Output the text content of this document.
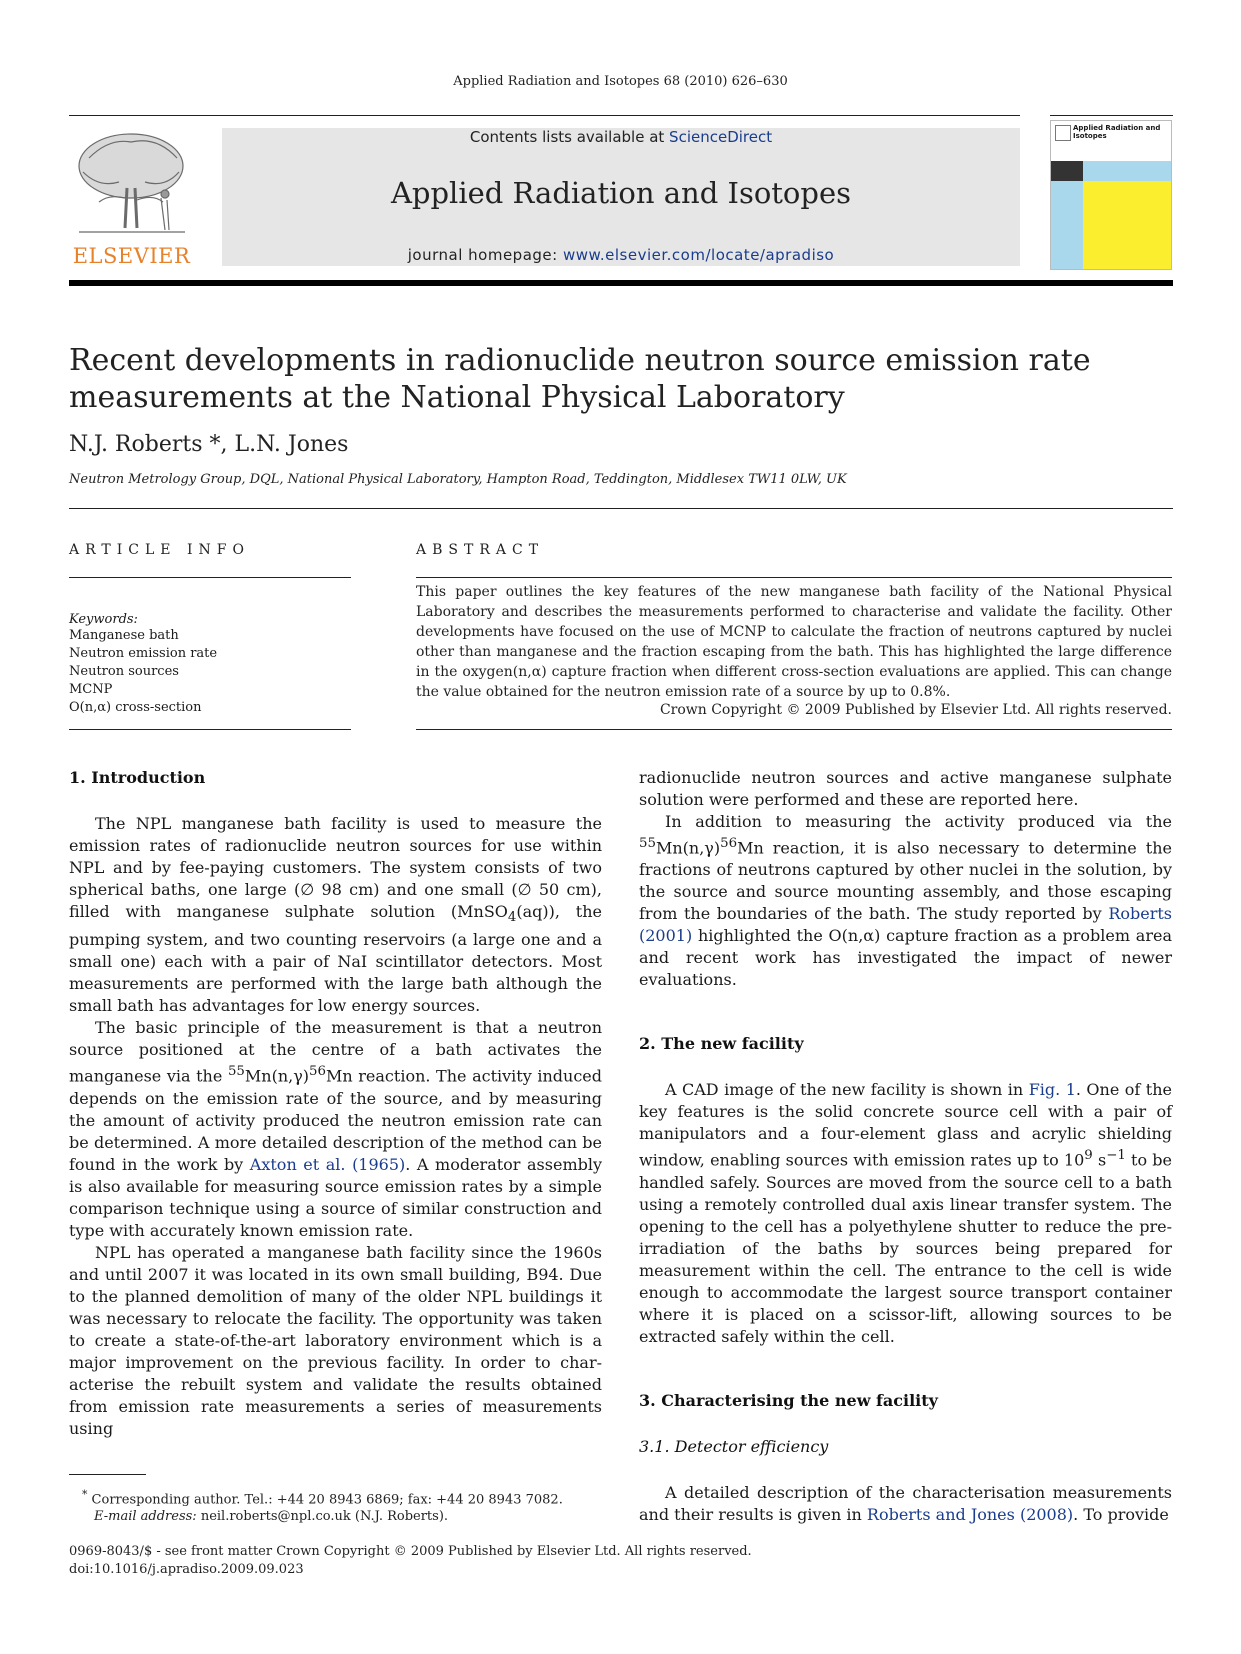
Applied Radiation and Isotopes 68 (2010) 626–630
ELSEVIER
Contents lists available at ScienceDirect
Applied Radiation and Isotopes
journal homepage: www.elsevier.com/locate/apradiso
Applied Radiation and Isotopes
Recent developments in radionuclide neutron source emission rate
measurements at the National Physical Laboratory
N.J. Roberts *, L.N. Jones
Neutron Metrology Group, DQL, National Physical Laboratory, Hampton Road, Teddington, Middlesex TW11 0LW, UK
ARTICLE INFO
Keywords:
Manganese bath
Neutron emission rate
Neutron sources
MCNP
O(n,α) cross-section
ABSTRACT
This paper outlines the key features of the new manganese bath facility of the National Physical Laboratory and describes the measurements performed to characterise and validate the facility. Other developments have focused on the use of MCNP to calculate the fraction of neutrons captured by nuclei other than manganese and the fraction escaping from the bath. This has highlighted the large difference in the oxygen(n,α) capture fraction when different cross-section evaluations are applied. This can change the value obtained for the neutron emission rate of a source by up to 0.8%.
Crown Copyright © 2009 Published by Elsevier Ltd. All rights reserved.
1. Introduction

The NPL manganese bath facility is used to measure the emission rates of radionuclide neutron sources for use within NPL and by fee-paying customers. The system consists of two spherical baths, one large (∅ 98 cm) and one small (∅ 50 cm), filled with manganese sulphate solution (MnSO$_4$(aq)), the pumping system, and two counting reservoirs (a large one and a small one) each with a pair of NaI scintillator detectors. Most measurements are performed with the large bath although the small bath has advantages for low energy sources.

The basic principle of the measurement is that a neutron source positioned at the centre of a bath activates the manganese via the $^{55}Mn(n,\gamma)^{56}Mn$ reaction. The activity induced depends on the emission rate of the source, and by measuring the amount of activity produced the neutron emission rate can be determined. A more detailed description of the method can be found in the work by Axton et al. (1965). A moderator assembly is also available for measuring source emission rates by a simple comparison technique using a source of similar construction and type with accurately known emission rate.

NPL has operated a manganese bath facility since the 1960s and until 2007 it was located in its own small building, B94. Due to the planned demolition of many of the older NPL buildings it was necessary to relocate the facility. The opportunity was taken to create a state-of-the-art laboratory environment which is a major improvement on the previous facility. In order to char- acterise the rebuilt system and validate the results obtained from emission rate measurements a series of measurements using

radionuclide neutron sources and active manganese sulphate solution were performed and these are reported here.

In addition to measuring the activity produced via the $^{55}Mn(n,\gamma)^{56}Mn$ reaction, it is also necessary to determine the fractions of neutrons captured by other nuclei in the solution, by the source and source mounting assembly, and those escaping from the boundaries of the bath. The study reported by Roberts (2001) highlighted the O(n,α) capture fraction as a problem area and recent work has investigated the impact of newer evaluations.

2. The new facility

A CAD image of the new facility is shown in Fig. 1. One of the key features is the solid concrete source cell with a pair of manipulators and a four-element glass and acrylic shielding window, enabling sources with emission rates up to $10^9$ $s^{-1}$ to be handled safely. Sources are moved from the source cell to a bath using a remotely controlled dual axis linear transfer system. The opening to the cell has a polyethylene shutter to reduce the pre-irradiation of the baths by sources being prepared for measurement within the cell. The entrance to the cell is wide enough to accommodate the largest source transport container where it is placed on a scissor-lift, allowing sources to be extracted safely within the cell.

3. Characterising the new facility
3.1. Detector efficiency

A detailed description of the characterisation measurements and their results is given in Roberts and Jones (2008). To provide

* Corresponding author. Tel.: +44 20 8943 6869; fax: +44 20 8943 7082.
E-mail address: neil.roberts@npl.co.uk (N.J. Roberts).
0969-8043/$ - see front matter Crown Copyright © 2009 Published by Elsevier Ltd. All rights reserved.
doi:10.1016/j.apradiso.2009.09.023
